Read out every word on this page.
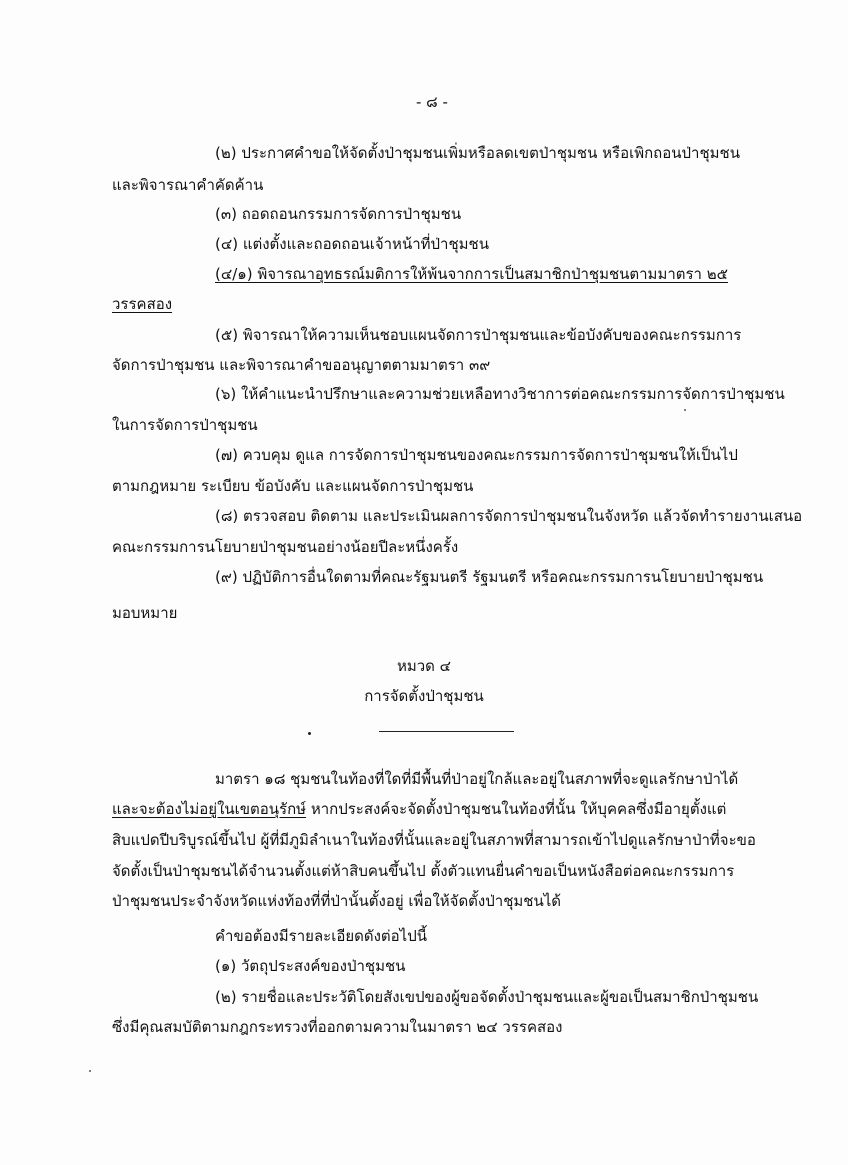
- ๘ -
(๒) ประกาศคำขอให้จัดตั้งป่าชุมชนเพิ่มหรือลดเขตป่าชุมชน หรือเพิกถอนป่าชุมชน
และพิจารณาคำคัดค้าน
(๓) ถอดถอนกรรมการจัดการป่าชุมชน
(๔) แต่งตั้งและถอดถอนเจ้าหน้าที่ป่าชุมชน
(๔/๑) พิจารณาอุทธรณ์มติการให้พ้นจากการเป็นสมาชิกป่าชุมชนตามมาตรา ๒๕
วรรคสอง
(๕) พิจารณาให้ความเห็นชอบแผนจัดการป่าชุมชนและข้อบังคับของคณะกรรมการ
จัดการป่าชุมชน และพิจารณาคำขออนุญาตตามมาตรา ๓๙
(๖) ให้คำแนะนำปรึกษาและความช่วยเหลือทางวิชาการต่อคณะกรรมการจัดการป่าชุมชน
ในการจัดการป่าชุมชน
(๗) ควบคุม ดูแล การจัดการป่าชุมชนของคณะกรรมการจัดการป่าชุมชนให้เป็นไป
ตามกฎหมาย ระเบียบ ข้อบังคับ และแผนจัดการป่าชุมชน
(๘) ตรวจสอบ ติดตาม และประเมินผลการจัดการป่าชุมชนในจังหวัด แล้วจัดทำรายงานเสนอ
คณะกรรมการนโยบายป่าชุมชนอย่างน้อยปีละหนึ่งครั้ง
(๙) ปฏิบัติการอื่นใดตามที่คณะรัฐมนตรี รัฐมนตรี หรือคณะกรรมการนโยบายป่าชุมชน
มอบหมาย
หมวด ๔
การจัดตั้งป่าชุมชน
มาตรา ๑๘ ชุมชนในท้องที่ใดที่มีพื้นที่ป่าอยู่ใกล้และอยู่ในสภาพที่จะดูแลรักษาป่าได้
และจะต้องไม่อยู่ในเขตอนุรักษ์ หากประสงค์จะจัดตั้งป่าชุมชนในท้องที่นั้น ให้บุคคลซึ่งมีอายุตั้งแต่
สิบแปดปีบริบูรณ์ขึ้นไป ผู้ที่มีภูมิลำเนาในท้องที่นั้นและอยู่ในสภาพที่สามารถเข้าไปดูแลรักษาป่าที่จะขอ
จัดตั้งเป็นป่าชุมชนได้จำนวนตั้งแต่ห้าสิบคนขึ้นไป ตั้งตัวแทนยื่นคำขอเป็นหนังสือต่อคณะกรรมการ
ป่าชุมชนประจำจังหวัดแห่งท้องที่ที่ป่านั้นตั้งอยู่ เพื่อให้จัดตั้งป่าชุมชนได้
คำขอต้องมีรายละเอียดดังต่อไปนี้
(๑) วัตถุประสงค์ของป่าชุมชน
(๒) รายชื่อและประวัติโดยสังเขปของผู้ขอจัดตั้งป่าชุมชนและผู้ขอเป็นสมาชิกป่าชุมชน
ซึ่งมีคุณสมบัติตามกฎกระทรวงที่ออกตามความในมาตรา ๒๔ วรรคสอง
